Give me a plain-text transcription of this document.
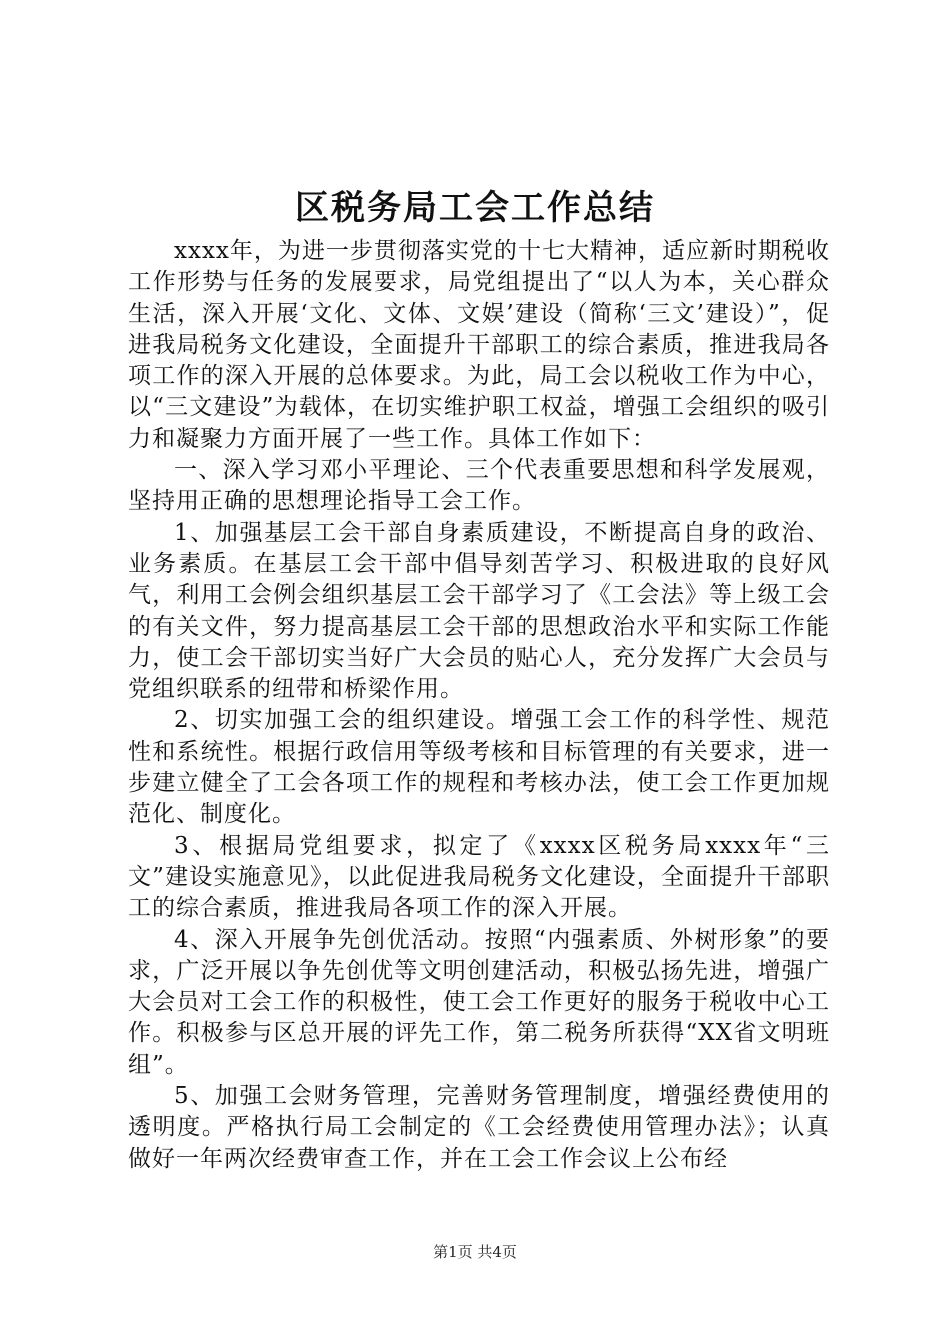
区税务局工会工作总结

xxxx年，为进一步贯彻落实党的十七大精神，适应新时期税收工作形势与任务的发展要求，局党组提出了“以人为本，关心群众生活，深入开展‘文化、文体、文娱’建设（简称‘三文’建设）”，促进我局税务文化建设，全面提升干部职工的综合素质，推进我局各项工作的深入开展的总体要求。为此，局工会以税收工作为中心，以“三文建设”为载体，在切实维护职工权益，增强工会组织的吸引力和凝聚力方面开展了一些工作。具体工作如下：

一、深入学习邓小平理论、三个代表重要思想和科学发展观，坚持用正确的思想理论指导工会工作。

1、加强基层工会干部自身素质建设，不断提高自身的政治、业务素质。在基层工会干部中倡导刻苦学习、积极进取的良好风气，利用工会例会组织基层工会干部学习了《工会法》等上级工会的有关文件，努力提高基层工会干部的思想政治水平和实际工作能力，使工会干部切实当好广大会员的贴心人，充分发挥广大会员与党组织联系的纽带和桥梁作用。

2、切实加强工会的组织建设。增强工会工作的科学性、规范性和系统性。根据行政信用等级考核和目标管理的有关要求，进一步建立健全了工会各项工作的规程和考核办法，使工会工作更加规范化、制度化。

3、根据局党组要求，拟定了《xxxx区税务局xxxx年“三文”建设实施意见》，以此促进我局税务文化建设，全面提升干部职工的综合素质，推进我局各项工作的深入开展。

4、深入开展争先创优活动。按照“内强素质、外树形象”的要求，广泛开展以争先创优等文明创建活动，积极弘扬先进，增强广大会员对工会工作的积极性，使工会工作更好的服务于税收中心工作。积极参与区总开展的评先工作，第二税务所获得“XX省文明班组”。

5、加强工会财务管理，完善财务管理制度，增强经费使用的透明度。严格执行局工会制定的《工会经费使用管理办法》；认真做好一年两次经费审查工作，并在工会工作会议上公布经

第1页 共4页
